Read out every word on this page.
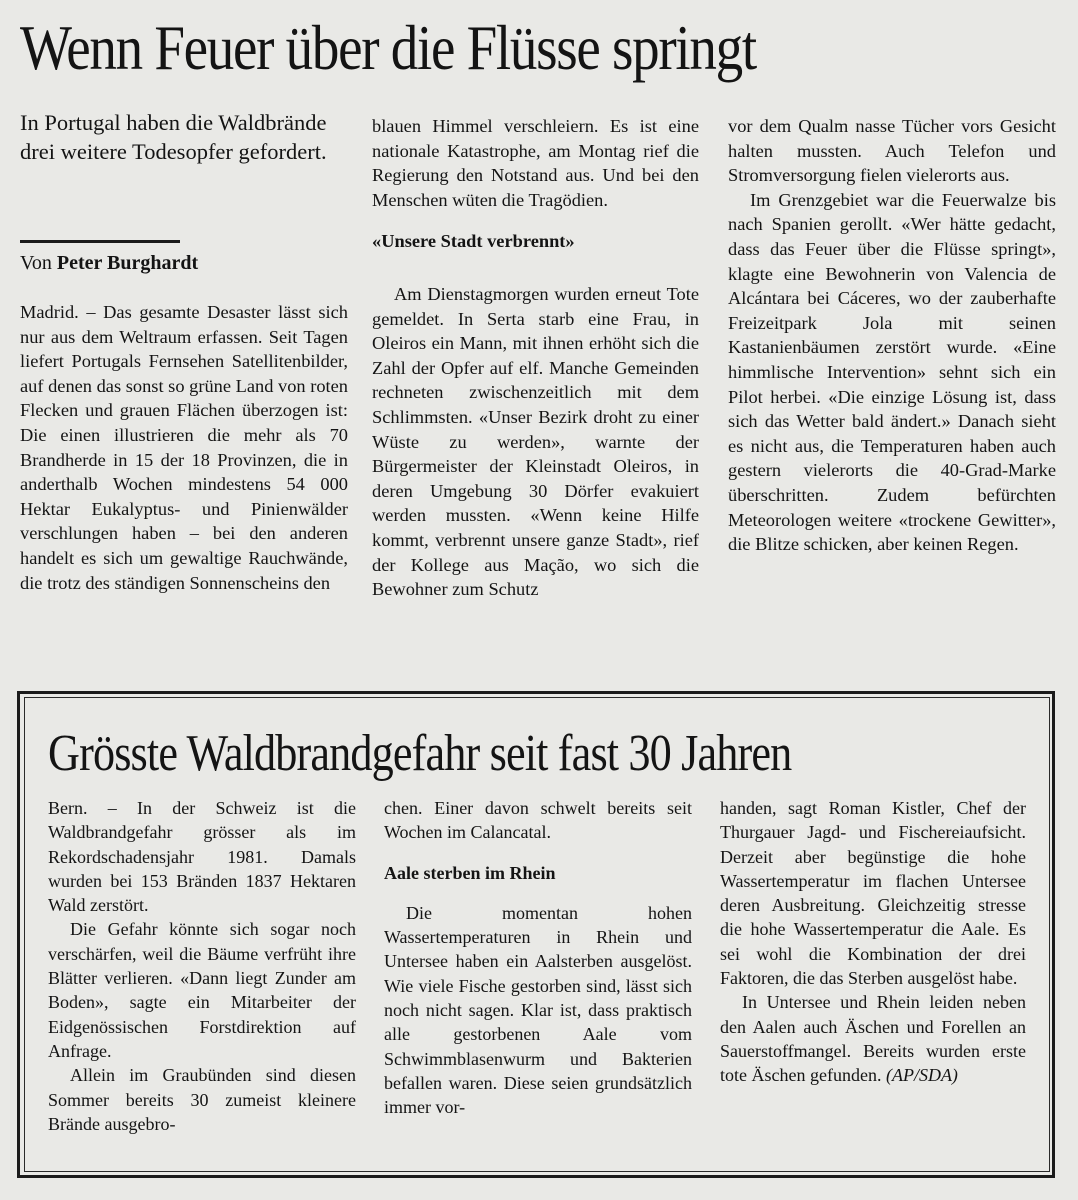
Wenn Feuer über die Flüsse springt

In Portugal haben die Waldbrände drei weitere Todesopfer gefordert.

Von Peter Burghardt

Madrid. – Das gesamte Desaster lässt sich nur aus dem Weltraum erfassen. Seit Tagen liefert Portugals Fernsehen Satellitenbilder, auf denen das sonst so grüne Land von roten Flecken und grauen Flächen überzogen ist: Die einen illustrieren die mehr als 70 Brandherde in 15 der 18 Provinzen, die in anderthalb Wochen mindestens 54 000 Hektar Eukalyptus- und Pinienwälder verschlungen haben – bei den anderen handelt es sich um gewaltige Rauchwände, die trotz des ständigen Sonnenscheins den

blauen Himmel verschleiern. Es ist eine nationale Katastrophe, am Montag rief die Regierung den Notstand aus. Und bei den Menschen wüten die Tragödien.

«Unsere Stadt verbrennt»

Am Dienstagmorgen wurden erneut Tote gemeldet. In Serta starb eine Frau, in Oleiros ein Mann, mit ihnen erhöht sich die Zahl der Opfer auf elf. Manche Gemeinden rechneten zwischenzeitlich mit dem Schlimmsten. «Unser Bezirk droht zu einer Wüste zu werden», warnte der Bürgermeister der Kleinstadt Oleiros, in deren Umgebung 30 Dörfer evakuiert werden mussten. «Wenn keine Hilfe kommt, verbrennt unsere ganze Stadt», rief der Kollege aus Mação, wo sich die Bewohner zum Schutz

vor dem Qualm nasse Tücher vors Gesicht halten mussten. Auch Telefon und Stromversorgung fielen vielerorts aus.

Im Grenzgebiet war die Feuerwalze bis nach Spanien gerollt. «Wer hätte gedacht, dass das Feuer über die Flüsse springt», klagte eine Bewohnerin von Valencia de Alcántara bei Cáceres, wo der zauberhafte Freizeitpark Jola mit seinen Kastanienbäumen zerstört wurde. «Eine himmlische Intervention» sehnt sich ein Pilot herbei. «Die einzige Lösung ist, dass sich das Wetter bald ändert.» Danach sieht es nicht aus, die Temperaturen haben auch gestern vielerorts die 40-Grad-Marke überschritten. Zudem befürchten Meteorologen weitere «trockene Gewitter», die Blitze schicken, aber keinen Regen.

Grösste Waldbrandgefahr seit fast 30 Jahren

Bern. – In der Schweiz ist die Waldbrandgefahr grösser als im Rekordschadensjahr 1981. Damals wurden bei 153 Bränden 1837 Hektaren Wald zerstört.

Die Gefahr könnte sich sogar noch verschärfen, weil die Bäume verfrüht ihre Blätter verlieren. «Dann liegt Zunder am Boden», sagte ein Mitarbeiter der Eidgenössischen Forstdirektion auf Anfrage.

Allein im Graubünden sind diesen Sommer bereits 30 zumeist kleinere Brände ausgebro-

chen. Einer davon schwelt bereits seit Wochen im Calancatal.

Aale sterben im Rhein

Die momentan hohen Wassertemperaturen in Rhein und Untersee haben ein Aalsterben ausgelöst. Wie viele Fische gestorben sind, lässt sich noch nicht sagen. Klar ist, dass praktisch alle gestorbenen Aale vom Schwimmblasenwurm und Bakterien befallen waren. Diese seien grundsätzlich immer vor-

handen, sagt Roman Kistler, Chef der Thurgauer Jagd- und Fischereiaufsicht. Derzeit aber begünstige die hohe Wassertemperatur im flachen Untersee deren Ausbreitung. Gleichzeitig stresse die hohe Wassertemperatur die Aale. Es sei wohl die Kombination der drei Faktoren, die das Sterben ausgelöst habe.

In Untersee und Rhein leiden neben den Aalen auch Äschen und Forellen an Sauerstoffmangel. Bereits wurden erste tote Äschen gefunden. (AP/SDA)
